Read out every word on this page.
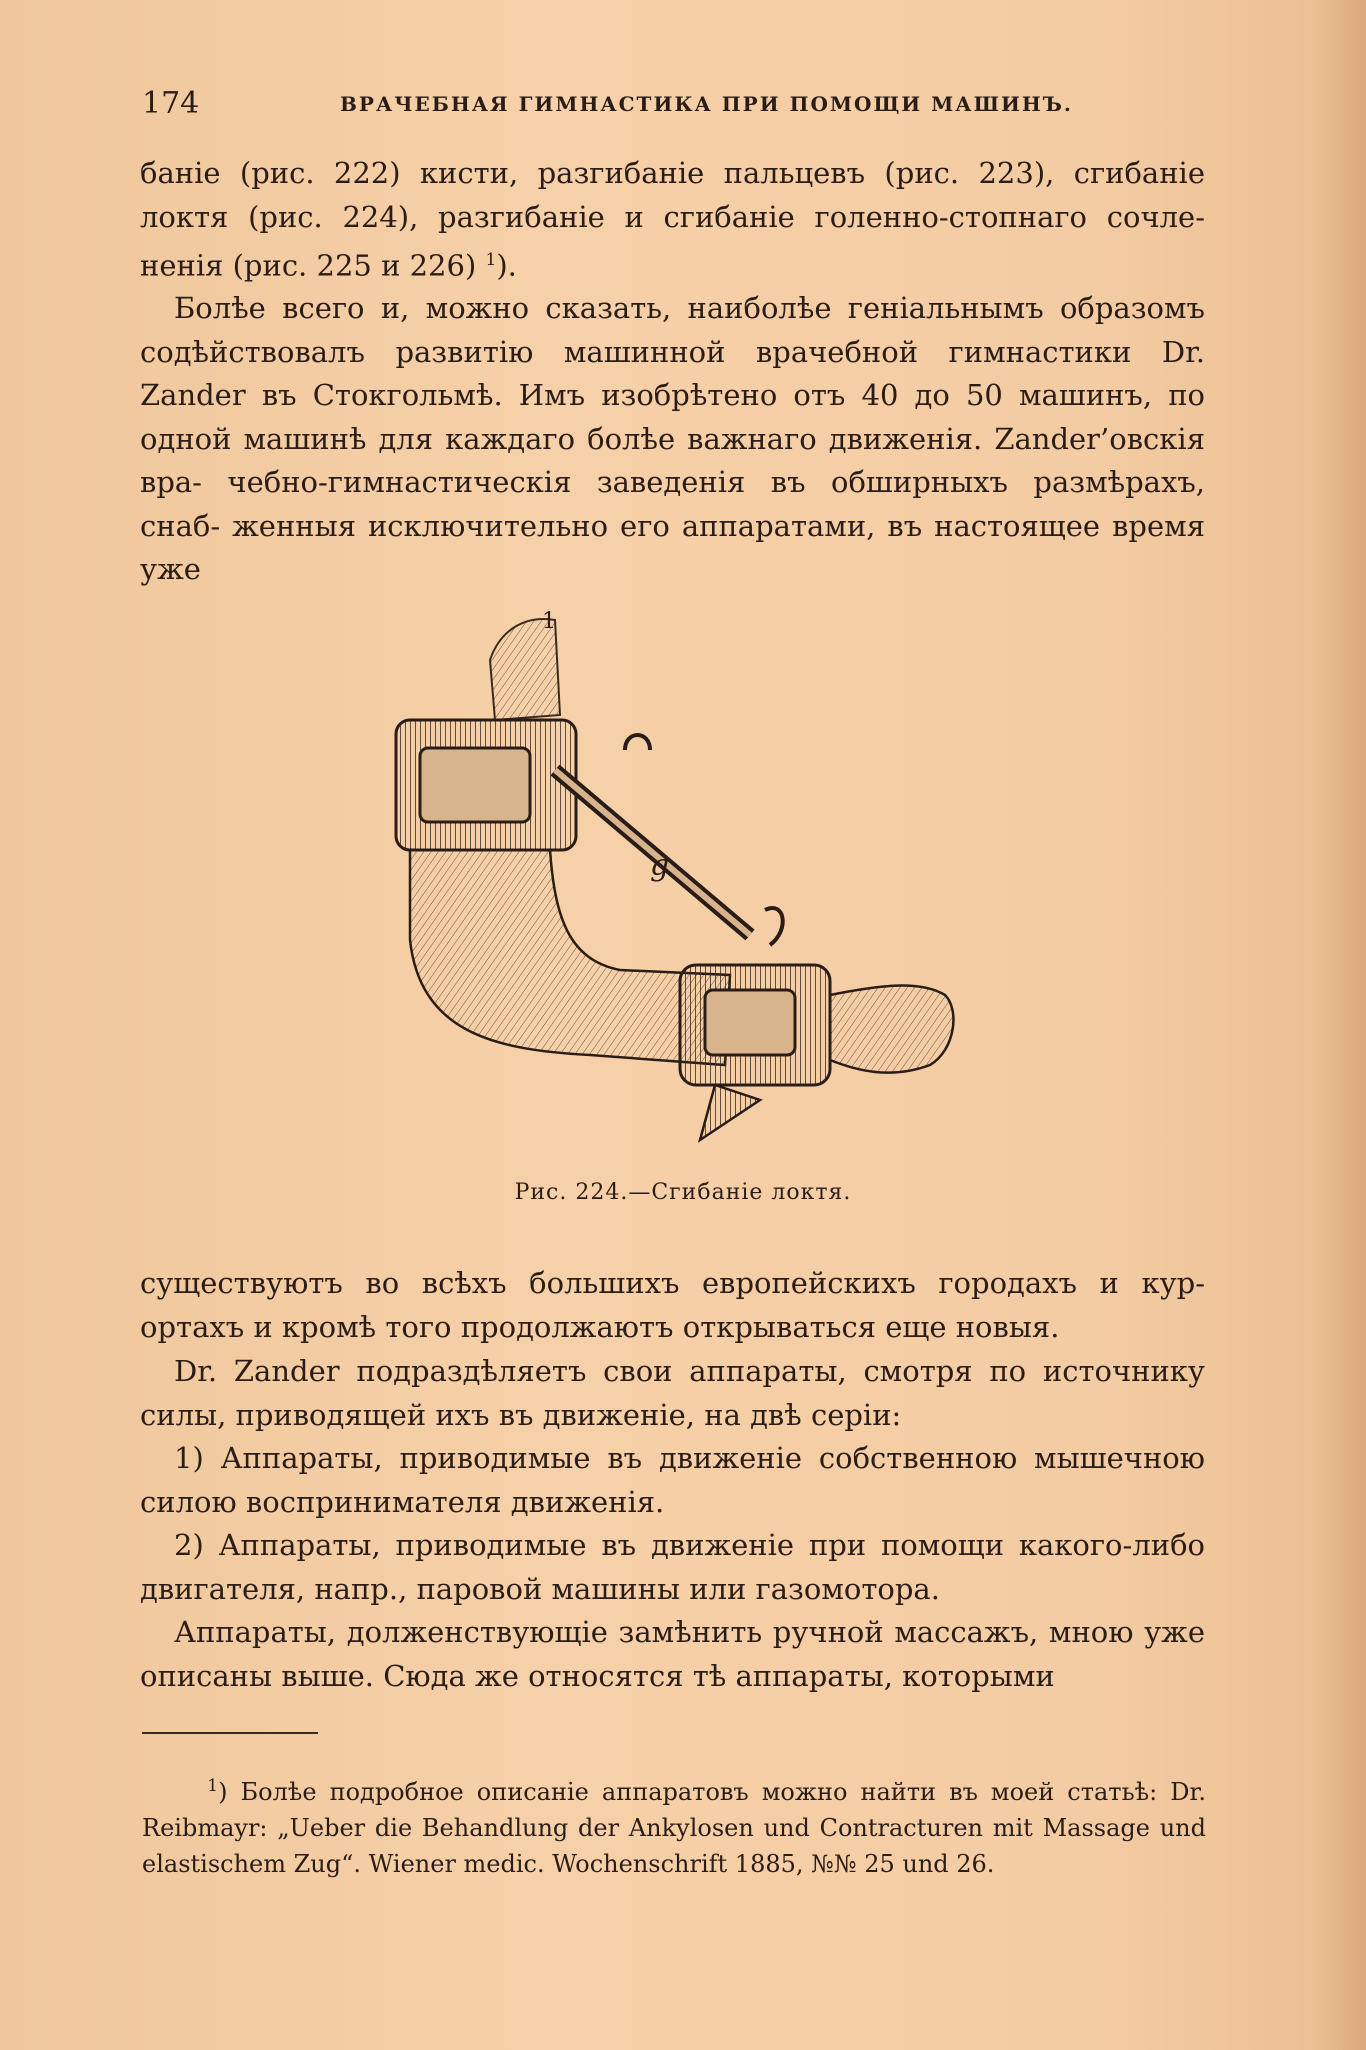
174	ВРАЧЕБНАЯ ГИМНАСТИКА ПРИ ПОМОЩИ МАШИНЪ.

баніе (рис. 222) кисти, разгибаніе пальцевъ (рис. 223), сгибаніе локтя (рис. 224), разгибаніе и сгибаніе голенно-стопнаго сочле- ненія (рис. 225 и 226) $^1$).

Болѣе всего и, можно сказать, наиболѣе геніальнымъ образомъ содѣйствовалъ развитію машинной врачебной гимнастики Dr. Zander въ Стокгольмѣ. Имъ изобрѣтено отъ 40 до 50 машинъ, по одной машинѣ для каждаго болѣе важнаго движенія. Zander’овскія вра- чебно-гимнастическія заведенія въ обширныхъ размѣрахъ, снаб- женныя исключительно его аппаратами, въ настоящее время уже

g
1
Рис. 224.—Сгибаніе локтя.

существуютъ во всѣхъ большихъ европейскихъ городахъ и кур- ортахъ и кромѣ того продолжаютъ открываться еще новыя.

Dr. Zander подраздѣляетъ свои аппараты, смотря по источнику силы, приводящей ихъ въ движеніе, на двѣ серіи:

1) Аппараты, приводимые въ движеніе собственною мышечною силою воспринимателя движенія.

2) Аппараты, приводимые въ движеніе при помощи какого-либо двигателя, напр., паровой машины или газомотора.

Аппараты, долженствующіе замѣнить ручной массажъ, мною уже описаны выше. Сюда же относятся тѣ аппараты, которыми

$^1$) Болѣе подробное описаніе аппаратовъ можно найти въ моей статьѣ: Dr. Reibmayr: „Ueber die Behandlung der Ankylosen und Contracturen mit Massage und elastischem Zug“. Wiener medic. Wochenschrift 1885, №№ 25 und 26.
